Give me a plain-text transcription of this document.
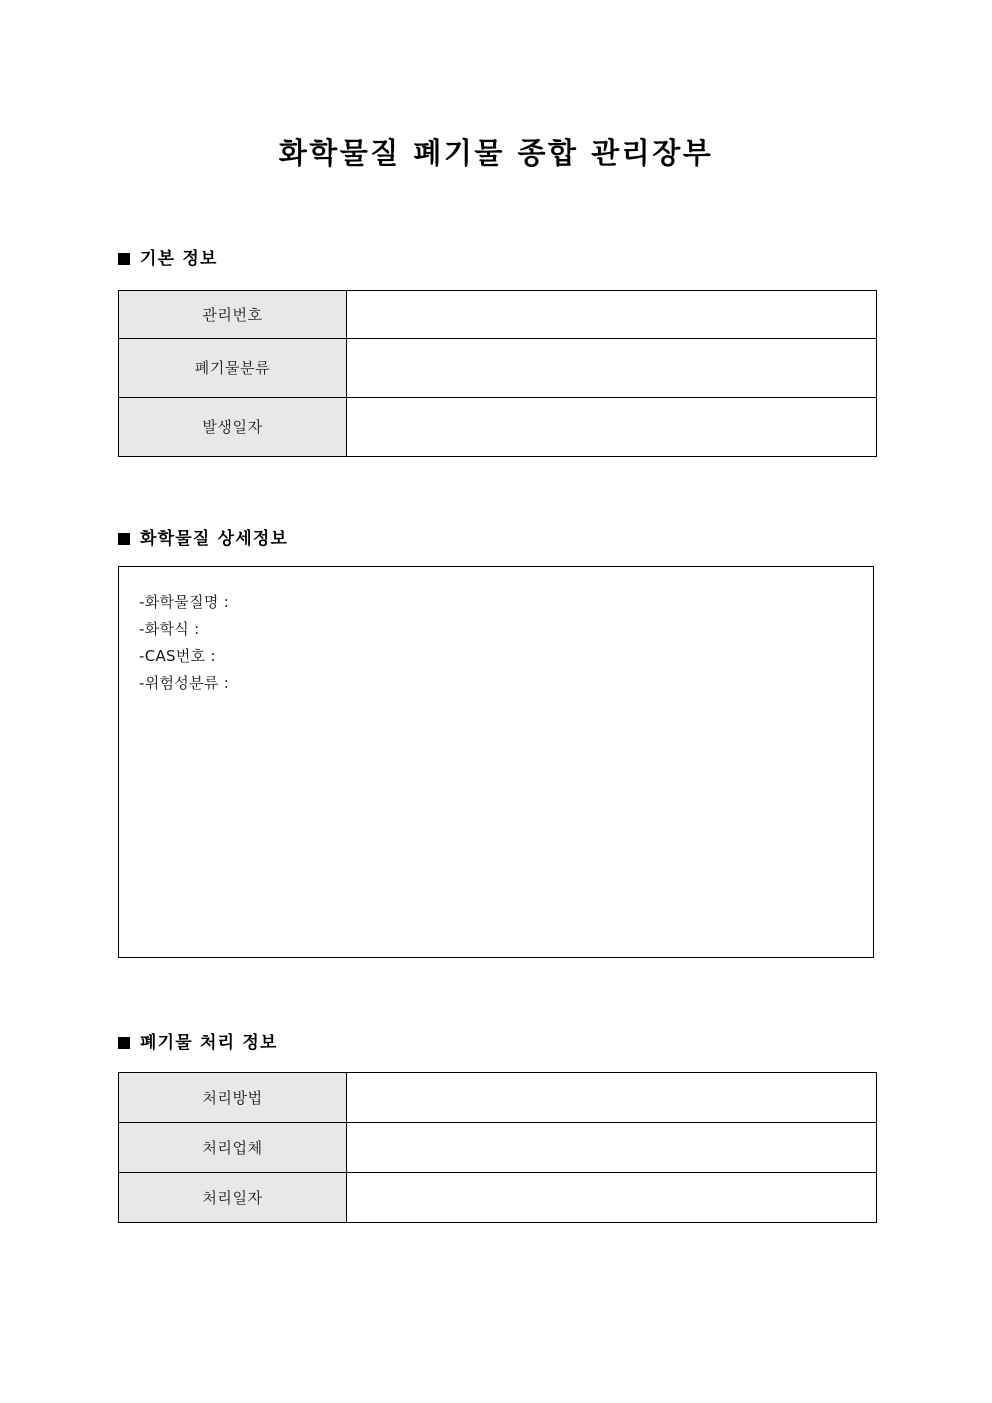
화학물질 폐기물 종합 관리장부
기본 정보
관리번호	
폐기물분류	
발생일자	
화학물질 상세정보
-화학물질명 :
-화학식 :
-CAS번호 :
-위험성분류 :
폐기물 처리 정보
처리방법	
처리업체	
처리일자	
